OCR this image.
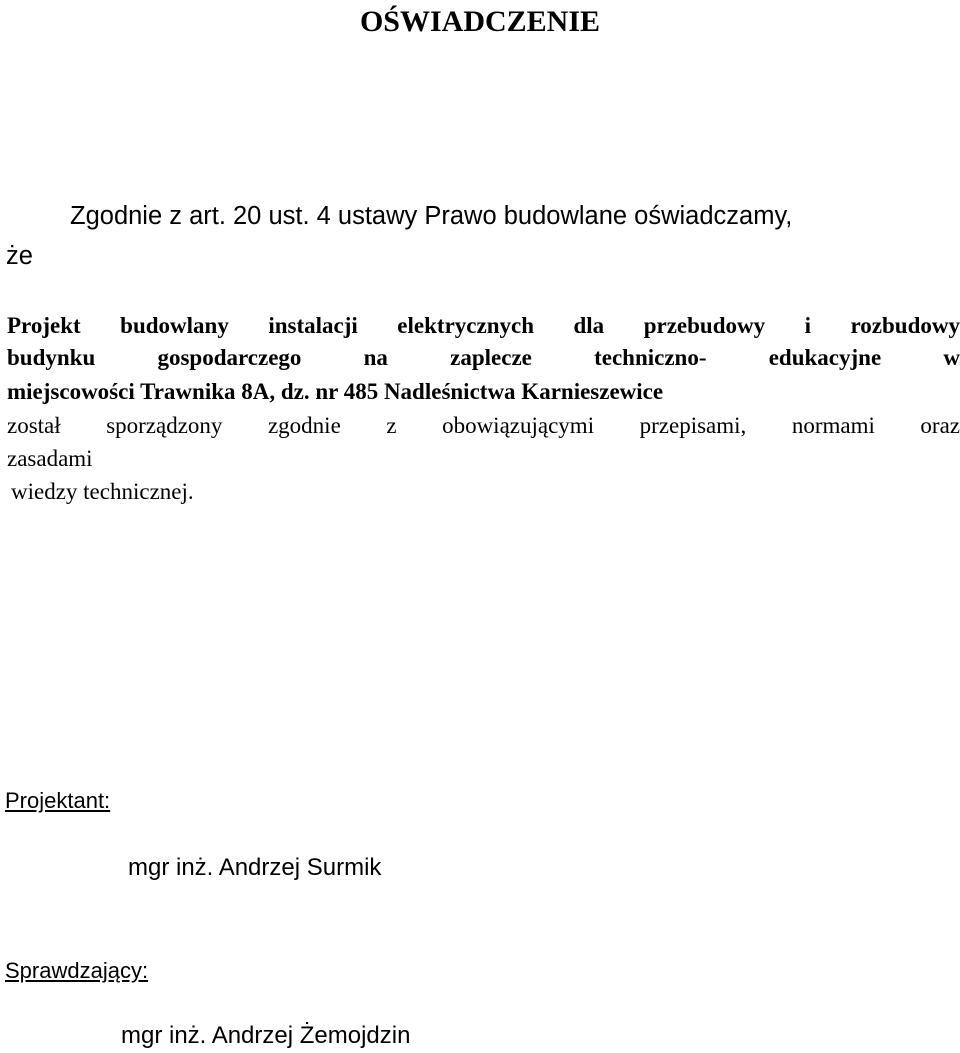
OŚWIADCZENIE
Zgodnie z art. 20 ust. 4 ustawy Prawo budowlane oświadczamy,
że
Projekt budowlany instalacji elektrycznych dla przebudowy i rozbudowy
budynku gospodarczego na zaplecze techniczno- edukacyjne w
miejscowości Trawnika 8A, dz. nr 485 Nadleśnictwa Karnieszewice
został sporządzony zgodnie z obowiązującymi przepisami, normami oraz
zasadami
wiedzy technicznej.
Projektant:
mgr inż. Andrzej Surmik
Sprawdzający:
mgr inż. Andrzej Żemojdzin
